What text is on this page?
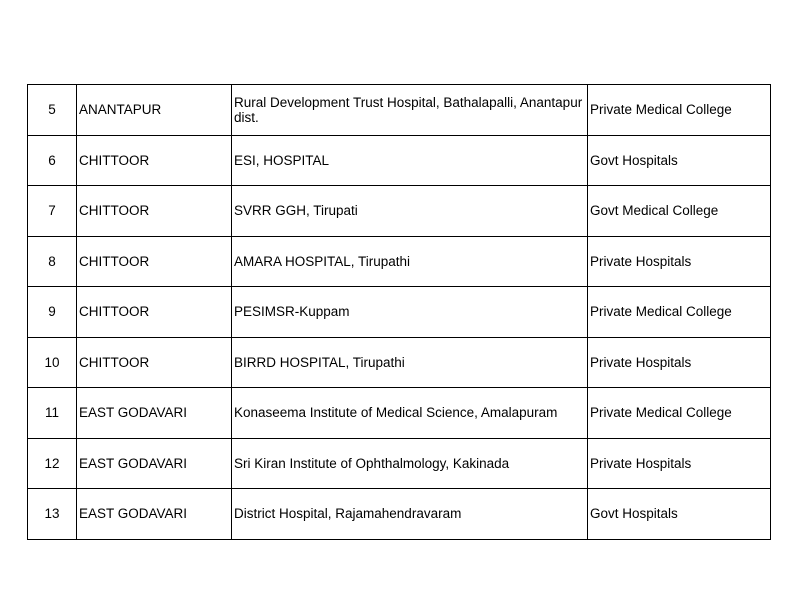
5	ANANTAPUR	Rural Development Trust Hospital, Bathalapalli, Anantapur dist.	Private Medical College
6	CHITTOOR	ESI, HOSPITAL	Govt Hospitals
7	CHITTOOR	SVRR GGH, Tirupati	Govt Medical College
8	CHITTOOR	AMARA HOSPITAL, Tirupathi	Private Hospitals
9	CHITTOOR	PESIMSR-Kuppam	Private Medical College
10	CHITTOOR	BIRRD HOSPITAL, Tirupathi	Private Hospitals
11	EAST GODAVARI	Konaseema Institute of Medical Science, Amalapuram	Private Medical College
12	EAST GODAVARI	Sri Kiran Institute of Ophthalmology, Kakinada	Private Hospitals
13	EAST GODAVARI	District Hospital, Rajamahendravaram	Govt Hospitals
